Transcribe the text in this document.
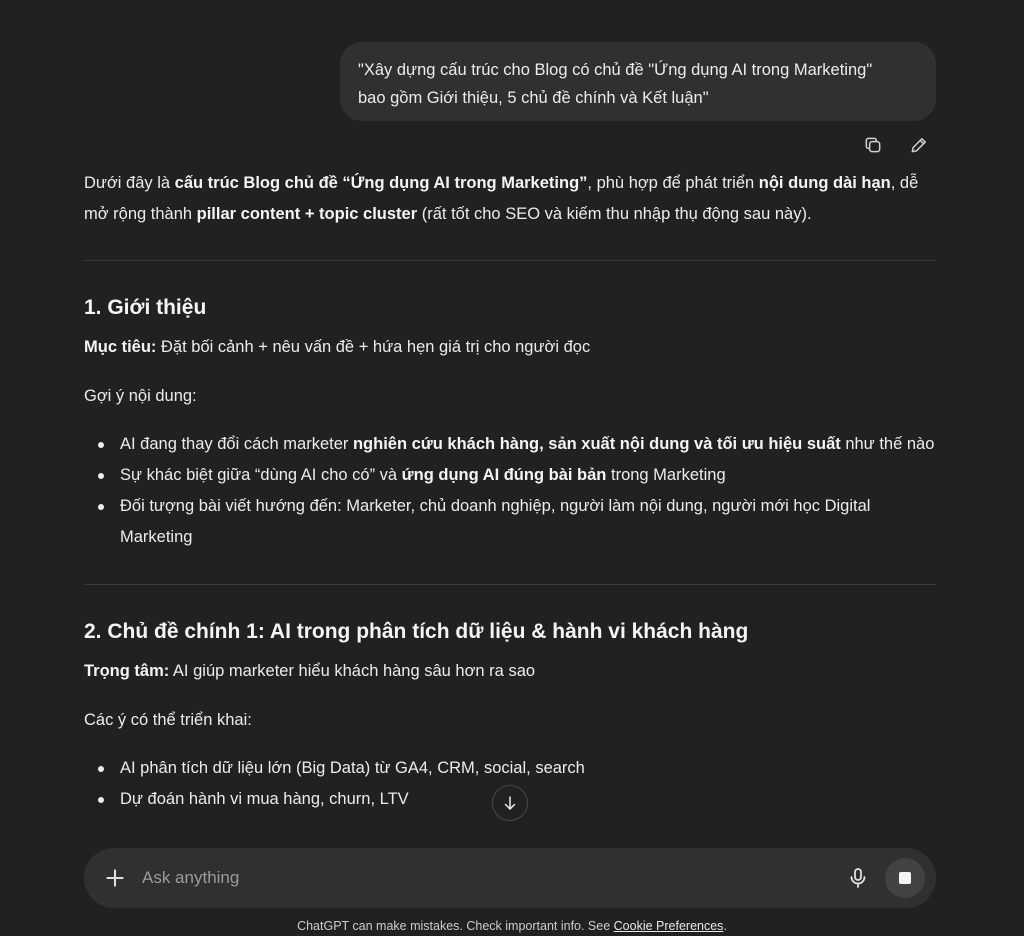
"Xây dựng cấu trúc cho Blog có chủ đề "Ứng dụng AI trong Marketing"
bao gồm Giới thiệu, 5 chủ đề chính và Kết luận"

Dưới đây là cấu trúc Blog chủ đề “Ứng dụng AI trong Marketing”, phù hợp để phát triển nội dung dài hạn, dễ mở rộng thành pillar content + topic cluster (rất tốt cho SEO và kiếm thu nhập thụ động sau này).

1. Giới thiệu

Mục tiêu: Đặt bối cảnh + nêu vấn đề + hứa hẹn giá trị cho người đọc

Gợi ý nội dung:

AI đang thay đổi cách marketer nghiên cứu khách hàng, sản xuất nội dung và tối ưu hiệu suất như thế nào
Sự khác biệt giữa “dùng AI cho có” và ứng dụng AI đúng bài bản trong Marketing
Đối tượng bài viết hướng đến: Marketer, chủ doanh nghiệp, người làm nội dung, người mới học Digital Marketing
2. Chủ đề chính 1: AI trong phân tích dữ liệu & hành vi khách hàng

Trọng tâm: AI giúp marketer hiểu khách hàng sâu hơn ra sao

Các ý có thể triển khai:

AI phân tích dữ liệu lớn (Big Data) từ GA4, CRM, social, search
Dự đoán hành vi mua hàng, churn, LTV
Ask anything
ChatGPT can make mistakes. Check important info. See Cookie Preferences.
